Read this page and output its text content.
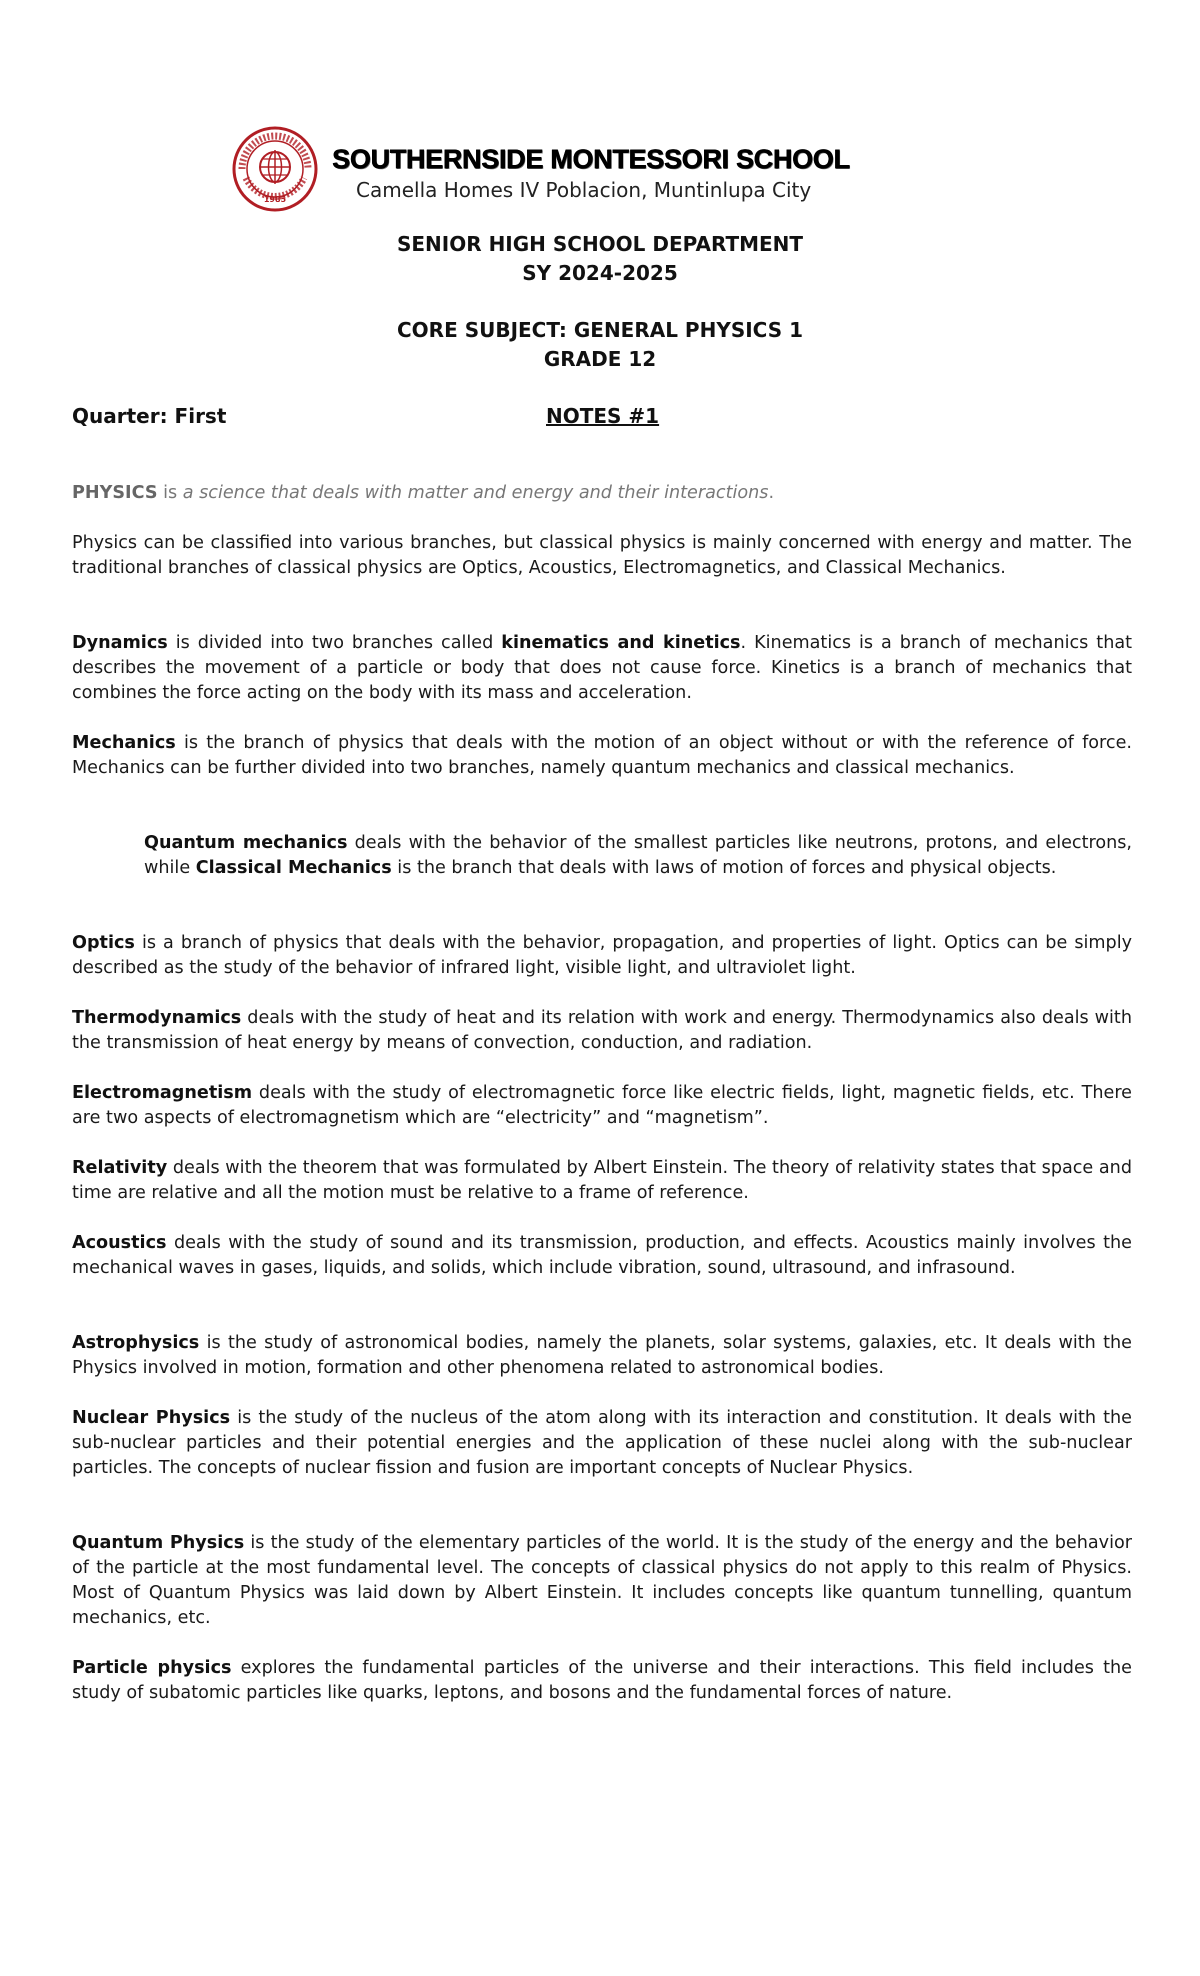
1985
SOUTHERNSIDE MONTESSORI SCHOOL
Camella Homes IV Poblacion, Muntinlupa City
SENIOR HIGH SCHOOL DEPARTMENT
SY 2024-2025
CORE SUBJECT: GENERAL PHYSICS 1
GRADE 12
Quarter: First	NOTES #1

PHYSICS is a science that deals with matter and energy and their interactions.

Physics can be classified into various branches, but classical physics is mainly concerned with energy and matter. The traditional branches of classical physics are Optics, Acoustics, Electromagnetics, and Classical Mechanics.

Dynamics is divided into two branches called kinematics and kinetics. Kinematics is a branch of mechanics that describes the movement of a particle or body that does not cause force. Kinetics is a branch of mechanics that combines the force acting on the body with its mass and acceleration.

Mechanics is the branch of physics that deals with the motion of an object without or with the reference of force. Mechanics can be further divided into two branches, namely quantum mechanics and classical mechanics.

Quantum mechanics deals with the behavior of the smallest particles like neutrons, protons, and electrons, while Classical Mechanics is the branch that deals with laws of motion of forces and physical objects.

Optics is a branch of physics that deals with the behavior, propagation, and properties of light. Optics can be simply described as the study of the behavior of infrared light, visible light, and ultraviolet light.

Thermodynamics deals with the study of heat and its relation with work and energy. Thermodynamics also deals with the transmission of heat energy by means of convection, conduction, and radiation.

Electromagnetism deals with the study of electromagnetic force like electric fields, light, magnetic fields, etc. There are two aspects of electromagnetism which are “electricity” and “magnetism”.

Relativity deals with the theorem that was formulated by Albert Einstein. The theory of relativity states that space and time are relative and all the motion must be relative to a frame of reference.

Acoustics deals with the study of sound and its transmission, production, and effects. Acoustics mainly involves the mechanical waves in gases, liquids, and solids, which include vibration, sound, ultrasound, and infrasound.

Astrophysics is the study of astronomical bodies, namely the planets, solar systems, galaxies, etc. It deals with the Physics involved in motion, formation and other phenomena related to astronomical bodies.

Nuclear Physics is the study of the nucleus of the atom along with its interaction and constitution. It deals with the sub-nuclear particles and their potential energies and the application of these nuclei along with the sub-nuclear particles. The concepts of nuclear fission and fusion are important concepts of Nuclear Physics.

Quantum Physics is the study of the elementary particles of the world. It is the study of the energy and the behavior of the particle at the most fundamental level. The concepts of classical physics do not apply to this realm of Physics. Most of Quantum Physics was laid down by Albert Einstein. It includes concepts like quantum tunnelling, quantum mechanics, etc.

Particle physics explores the fundamental particles of the universe and their interactions. This field includes the study of subatomic particles like quarks, leptons, and bosons and the fundamental forces of nature.
